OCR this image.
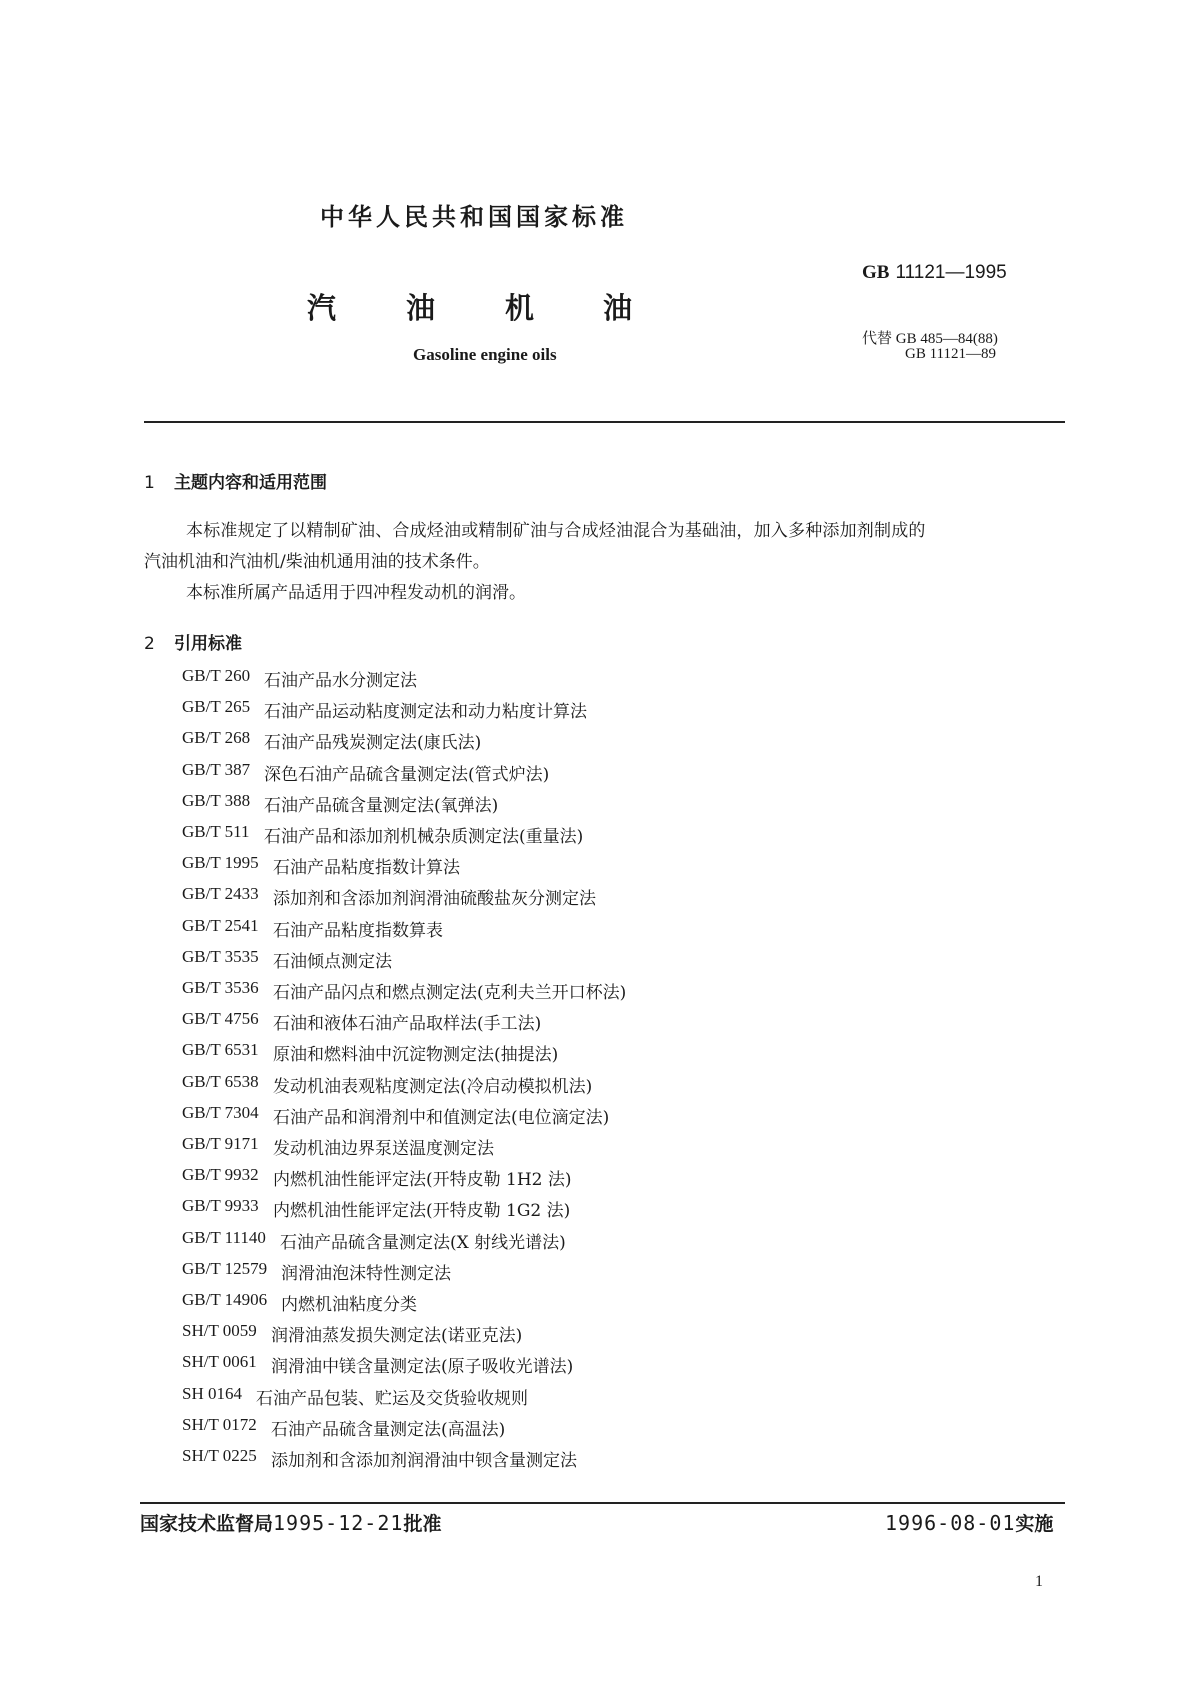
中华人民共和国国家标准
汽 油 机 油
Gasoline engine oils
GB 11121—1995
代替 GB 485—84(88)
GB 11121—89
1 主题内容和适用范围
本标准规定了以精制矿油、合成烃油或精制矿油与合成烃油混合为基础油，加入多种添加剂制成的
汽油机油和汽油机/柴油机通用油的技术条件。
本标准所属产品适用于四冲程发动机的润滑。
2 引用标准
GB/T 260 石油产品水分测定法
GB/T 265 石油产品运动粘度测定法和动力粘度计算法
GB/T 268 石油产品残炭测定法(康氏法)
GB/T 387 深色石油产品硫含量测定法(管式炉法)
GB/T 388 石油产品硫含量测定法(氧弹法)
GB/T 511 石油产品和添加剂机械杂质测定法(重量法)
GB/T 1995 石油产品粘度指数计算法
GB/T 2433 添加剂和含添加剂润滑油硫酸盐灰分测定法
GB/T 2541 石油产品粘度指数算表
GB/T 3535 石油倾点测定法
GB/T 3536 石油产品闪点和燃点测定法(克利夫兰开口杯法)
GB/T 4756 石油和液体石油产品取样法(手工法)
GB/T 6531 原油和燃料油中沉淀物测定法(抽提法)
GB/T 6538 发动机油表观粘度测定法(冷启动模拟机法)
GB/T 7304 石油产品和润滑剂中和值测定法(电位滴定法)
GB/T 9171 发动机油边界泵送温度测定法
GB/T 9932 内燃机油性能评定法(开特皮勒 1H2 法)
GB/T 9933 内燃机油性能评定法(开特皮勒 1G2 法)
GB/T 11140 石油产品硫含量测定法(X 射线光谱法)
GB/T 12579 润滑油泡沫特性测定法
GB/T 14906 内燃机油粘度分类
SH/T 0059 润滑油蒸发损失测定法(诺亚克法)
SH/T 0061 润滑油中镁含量测定法(原子吸收光谱法)
SH 0164 石油产品包装、贮运及交货验收规则
SH/T 0172 石油产品硫含量测定法(高温法)
SH/T 0225 添加剂和含添加剂润滑油中钡含量测定法
国家技术监督局1995-12-21批准	1996-08-01实施
1
